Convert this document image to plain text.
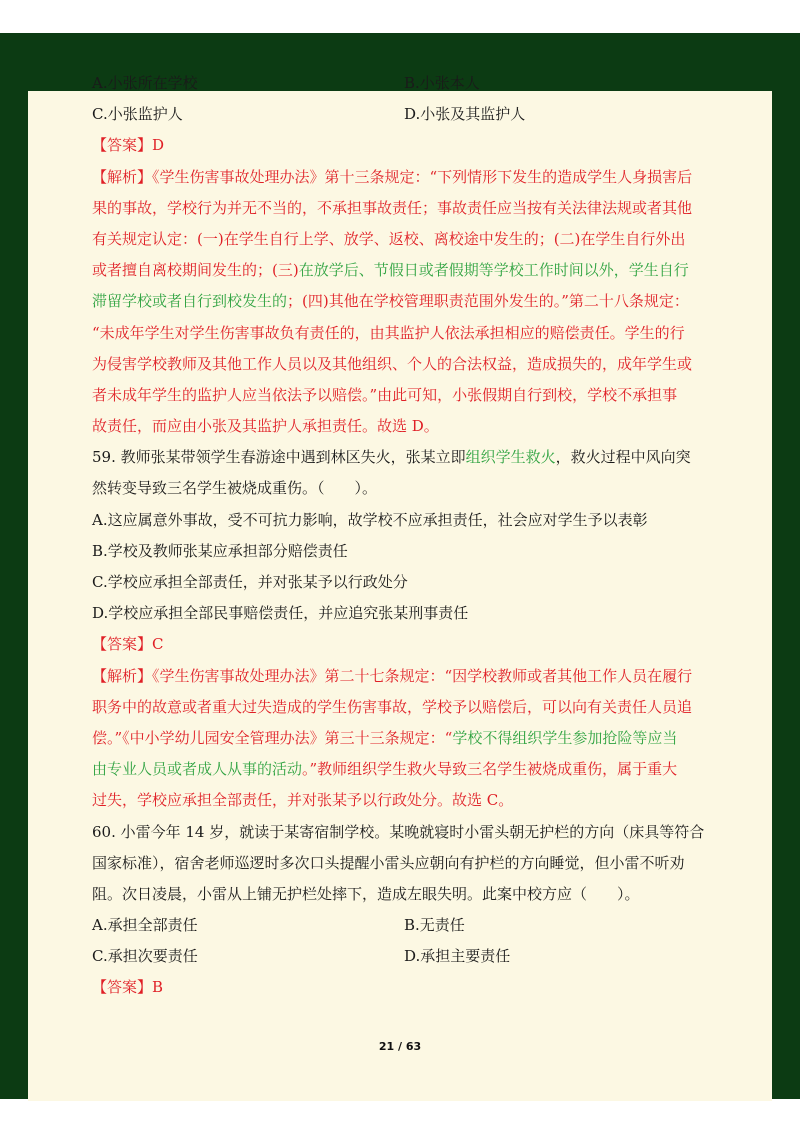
A.小张所在学校	B.小张本人
C.小张监护人	D.小张及其监护人
【答案】D
【解析】《学生伤害事故处理办法》第十三条规定：“下列情形下发生的造成学生人身损害后
果的事故，学校行为并无不当的，不承担事故责任；事故责任应当按有关法律法规或者其他
有关规定认定：(一)在学生自行上学、放学、返校、离校途中发生的；(二)在学生自行外出
或者擅自离校期间发生的；(三)在放学后、节假日或者假期等学校工作时间以外，学生自行
滞留学校或者自行到校发生的；(四)其他在学校管理职责范围外发生的。”第二十八条规定：
“未成年学生对学生伤害事故负有责任的，由其监护人依法承担相应的赔偿责任。学生的行
为侵害学校教师及其他工作人员以及其他组织、个人的合法权益，造成损失的，成年学生或
者未成年学生的监护人应当依法予以赔偿。”由此可知，小张假期自行到校，学校不承担事
故责任，而应由小张及其监护人承担责任。故选 D。
59. 教师张某带领学生春游途中遇到林区失火，张某立即组织学生救火，救火过程中风向突
然转变导致三名学生被烧成重伤。（　　）。
A.这应属意外事故，受不可抗力影响，故学校不应承担责任，社会应对学生予以表彰
B.学校及教师张某应承担部分赔偿责任
C.学校应承担全部责任，并对张某予以行政处分
D.学校应承担全部民事赔偿责任，并应追究张某刑事责任
【答案】C
【解析】《学生伤害事故处理办法》第二十七条规定：“因学校教师或者其他工作人员在履行
职务中的故意或者重大过失造成的学生伤害事故，学校予以赔偿后，可以向有关责任人员追
偿。”《中小学幼儿园安全管理办法》第三十三条规定：“学校不得组织学生参加抢险等应当
由专业人员或者成人从事的活动。”教师组织学生救火导致三名学生被烧成重伤，属于重大
过失，学校应承担全部责任，并对张某予以行政处分。故选 C。
60. 小雷今年 14 岁，就读于某寄宿制学校。某晚就寝时小雷头朝无护栏的方向（床具等符合
国家标准），宿舍老师巡逻时多次口头提醒小雷头应朝向有护栏的方向睡觉，但小雷不听劝
阻。次日凌晨，小雷从上铺无护栏处摔下，造成左眼失明。此案中校方应（　　）。
A.承担全部责任	B.无责任
C.承担次要责任	D.承担主要责任
【答案】B
21 / 63
